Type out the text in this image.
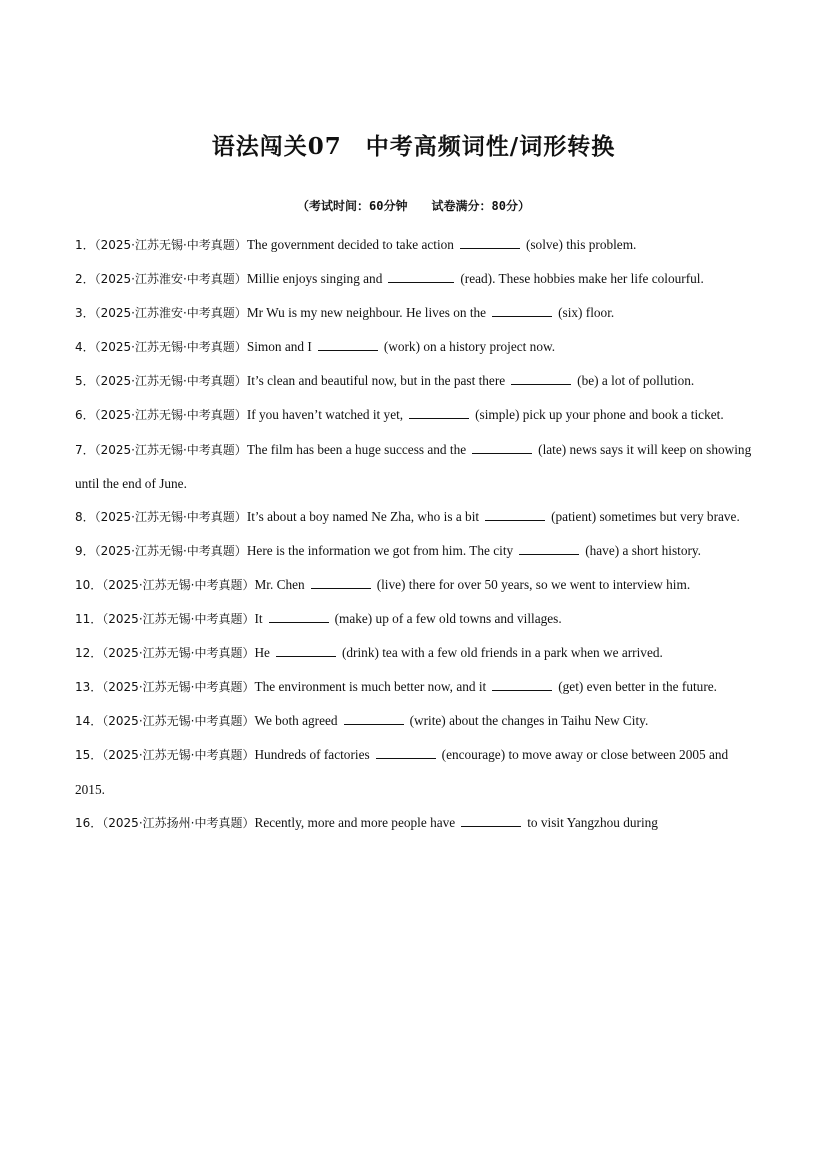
语法闯关07　中考高频词性/词形转换
（考试时间：60分钟　　试卷满分：80分）

1．（2025·江苏无锡·中考真题）The government decided to take action	(solve) this problem.

2．（2025·江苏淮安·中考真题）Millie enjoys singing and	(read). These hobbies make her life colourful.

3．（2025·江苏淮安·中考真题）Mr Wu is my new neighbour. He lives on the	(six) floor.

4．（2025·江苏无锡·中考真题）Simon and I	(work) on a history project now.

5．（2025·江苏无锡·中考真题）It’s clean and beautiful now, but in the past there	(be) a lot of pollution.

6．（2025·江苏无锡·中考真题）If you haven’t watched it yet,	(simple) pick up your phone and book a ticket.

7．（2025·江苏无锡·中考真题）The film has been a huge success and the	(late) news says it will keep on showing until the end of June.

8．（2025·江苏无锡·中考真题）It’s about a boy named Ne Zha, who is a bit	(patient) sometimes but very brave.

9．（2025·江苏无锡·中考真题）Here is the information we got from him. The city	(have) a short history.

10．（2025·江苏无锡·中考真题）Mr. Chen	(live) there for over 50 years, so we went to interview him.

11．（2025·江苏无锡·中考真题）It	(make) up of a few old towns and villages.

12．（2025·江苏无锡·中考真题）He	(drink) tea with a few old friends in a park when we arrived.

13．（2025·江苏无锡·中考真题）The environment is much better now, and it	(get) even better in the future.

14．（2025·江苏无锡·中考真题）We both agreed	(write) about the changes in Taihu New City.

15．（2025·江苏无锡·中考真题）Hundreds of factories	(encourage) to move away or close between 2005 and 2015.

16．（2025·江苏扬州·中考真题）Recently, more and more people have	to visit Yangzhou during
